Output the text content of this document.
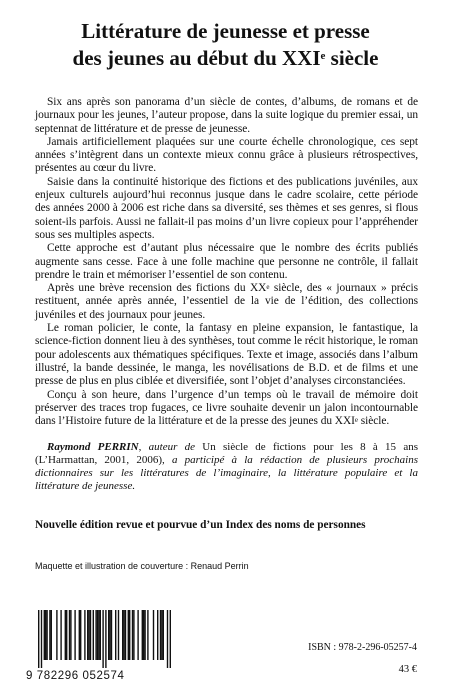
Littérature de jeunesse et presse
des jeunes au début du XXIe siècle

Six ans après son panorama d’un siècle de contes, d’albums, de romans et de journaux pour les jeunes, l’auteur propose, dans la suite logique du premier essai, un septennat de littérature et de presse de jeunesse.

Jamais artificiellement plaquées sur une courte échelle chronologique, ces sept années s’intègrent dans un contexte mieux connu grâce à plusieurs rétrospectives, présentes au cœur du livre.

Saisie dans la continuité historique des fictions et des publications juvéniles, aux enjeux culturels aujourd’hui reconnus jusque dans le cadre scolaire, cette période des années 2000 à 2006 est riche dans sa diversité, ses thèmes et ses genres, si flous soient-ils parfois. Aussi ne fallait-il pas moins d’un livre copieux pour l’appréhender sous ses multiples aspects.

Cette approche est d’autant plus nécessaire que le nombre des écrits publiés augmente sans cesse. Face à une folle machine que personne ne contrôle, il fallait prendre le train et mémoriser l’essentiel de son contenu.

Après une brève recension des fictions du XXe siècle, des « journaux » précis restituent, année après année, l’essentiel de la vie de l’édition, des collections juvéniles et des journaux pour jeunes.

Le roman policier, le conte, la fantasy en pleine expansion, le fantastique, la science-fiction donnent lieu à des synthèses, tout comme le récit historique, le roman pour adolescents aux thématiques spécifiques. Texte et image, associés dans l’album illustré, la bande dessinée, le manga, les novélisations de B.D. et de films et une presse de plus en plus ciblée et diversifiée, sont l’objet d’analyses circonstanciées.

Conçu à son heure, dans l’urgence d’un temps où le travail de mémoire doit préserver des traces trop fugaces, ce livre souhaite devenir un jalon incontournable dans l’Histoire future de la littérature et de la presse des jeunes du XXIe siècle.

Raymond PERRIN, auteur de Un siècle de fictions pour les 8 à 15 ans (L’Harmattan, 2001, 2006), a participé à la rédaction de plusieurs prochains dictionnaires sur les littératures de l’imaginaire, la littérature populaire et la littérature de jeunesse.
Nouvelle édition revue et pourvue d’un Index des noms de personnes
Maquette et illustration de couverture : Renaud Perrin
9 782296 052574
ISBN : 978-2-296-05257-4
43 €
